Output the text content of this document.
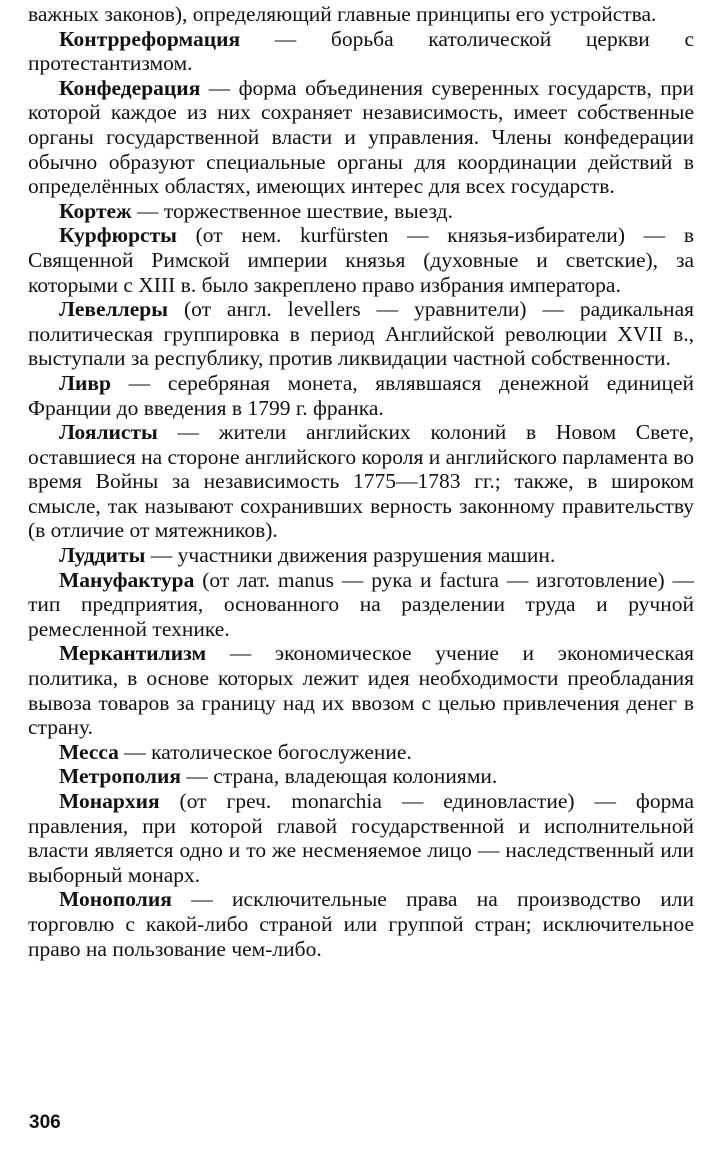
важных законов), определяющий главные принципы его устройства.

Контрреформация — борьба католической церкви с протестантизмом.

Конфедерация — форма объединения суверенных государств, при которой каждое из них сохраняет независимость, имеет собственные органы государственной власти и управления. Члены конфедерации обычно образуют специальные органы для координации действий в определённых областях, имеющих интерес для всех государств.

Кортеж — торжественное шествие, выезд.

Курфюрсты (от нем. kurfürsten — князья-избиратели) — в Священной Римской империи князья (духовные и светские), за которыми с XIII в. было закреплено право избрания императора.

Левеллеры (от англ. levellers — уравнители) — радикальная политическая группировка в период Английской революции XVII в., выступали за республику, против ликвидации частной собственности.

Ливр — серебряная монета, являвшаяся денежной единицей Франции до введения в 1799 г. франка.

Лоялисты — жители английских колоний в Новом Свете, оставшиеся на стороне английского короля и английского парламента во время Войны за независимость 1775—1783 гг.; также, в широком смысле, так называют сохранивших верность законному правительству (в отличие от мятежников).

Луддиты — участники движения разрушения машин.

Мануфактура (от лат. manus — рука и factura — изготовление) — тип предприятия, основанного на разделении труда и ручной ремесленной технике.

Меркантилизм — экономическое учение и экономическая политика, в основе которых лежит идея необходимости преобладания вывоза товаров за границу над их ввозом с целью привлечения денег в страну.

Месса — католическое богослужение.

Метрополия — страна, владеющая колониями.

Монархия (от греч. monarchia — единовластие) — форма правления, при которой главой государственной и исполнительной власти является одно и то же несменяемое лицо — наследственный или выборный монарх.

Монополия — исключительные права на производство или торговлю с какой-либо страной или группой стран; исключительное право на пользование чем-либо.

306
